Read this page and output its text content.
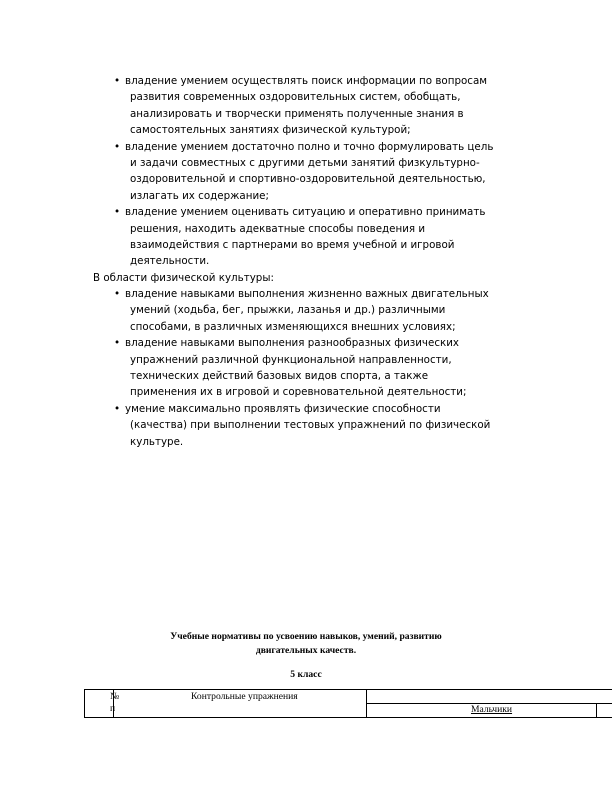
• владение умением осуществлять поиск информации по вопросам
развития современных оздоровительных систем, обобщать,
анализировать и творчески применять полученные знания в
самостоятельных занятиях физической культурой;
• владение умением достаточно полно и точно формулировать цель
и задачи совместных с другими детьми занятий физкультурно-
оздоровительной и спортивно-оздоровительной деятельностью,
излагать их содержание;
• владение умением оценивать ситуацию и оперативно принимать
решения, находить адекватные способы поведения и
взаимодействия с партнерами во время учебной и игровой
деятельности.
В области физической культуры:
• владение навыками выполнения жизненно важных двигательных
умений (ходьба, бег, прыжки, лазанья и др.) различными
способами, в различных изменяющихся внешних условиях;
• владение навыками выполнения разнообразных физических
упражнений различной функциональной направленности,
технических действий базовых видов спорта, а также
применения их в игровой и соревновательной деятельности;
• умение максимально проявлять физические способности
(качества) при выполнении тестовых упражнений по физической
культуре.
Учебные нормативы по усвоению навыков, умений, развитию
двигательных качеств.
5 класс
№
п
Контрольные упражнения
Мальчики
